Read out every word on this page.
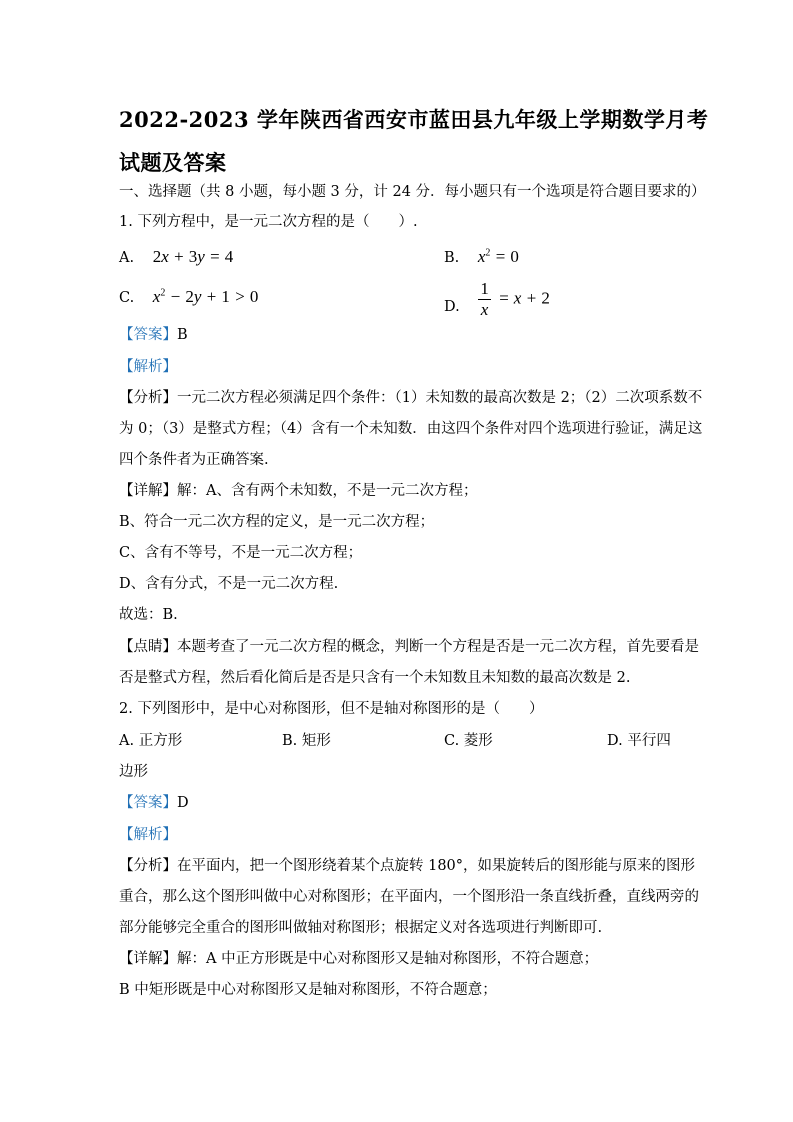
2022-2023 学年陕西省西安市蓝田县九年级上学期数学月考
试题及答案
一、选择题（共 8 小题，每小题 3 分，计 24 分．每小题只有一个选项是符合题目要求的）
1. 下列方程中，是一元二次方程的是（　　）.
A. 2x + 3y = 4	B. $x^2 = 0$
C. $x^2 - 2y + 1 > 0$
D. $\frac{1}{x} = x + 2$
【答案】B
【解析】
【分析】一元二次方程必须满足四个条件：（1）未知数的最高次数是 2；（2）二次项系数不
为 0；（3）是整式方程；（4）含有一个未知数．由这四个条件对四个选项进行验证，满足这
四个条件者为正确答案.
【详解】解：A、含有两个未知数，不是一元二次方程；
B、符合一元二次方程的定义，是一元二次方程；
C、含有不等号，不是一元二次方程；
D、含有分式，不是一元二次方程.
故选：B.
【点睛】本题考查了一元二次方程的概念，判断一个方程是否是一元二次方程，首先要看是
否是整式方程，然后看化简后是否是只含有一个未知数且未知数的最高次数是 2.
2. 下列图形中，是中心对称图形，但不是轴对称图形的是（　　）
A. 正方形	B. 矩形	C. 菱形	D. 平行四
边形
【答案】D
【解析】
【分析】在平面内，把一个图形绕着某个点旋转 180°，如果旋转后的图形能与原来的图形
重合，那么这个图形叫做中心对称图形；在平面内，一个图形沿一条直线折叠，直线两旁的
部分能够完全重合的图形叫做轴对称图形；根据定义对各选项进行判断即可.
【详解】解：A 中正方形既是中心对称图形又是轴对称图形，不符合题意；
B 中矩形既是中心对称图形又是轴对称图形，不符合题意；
